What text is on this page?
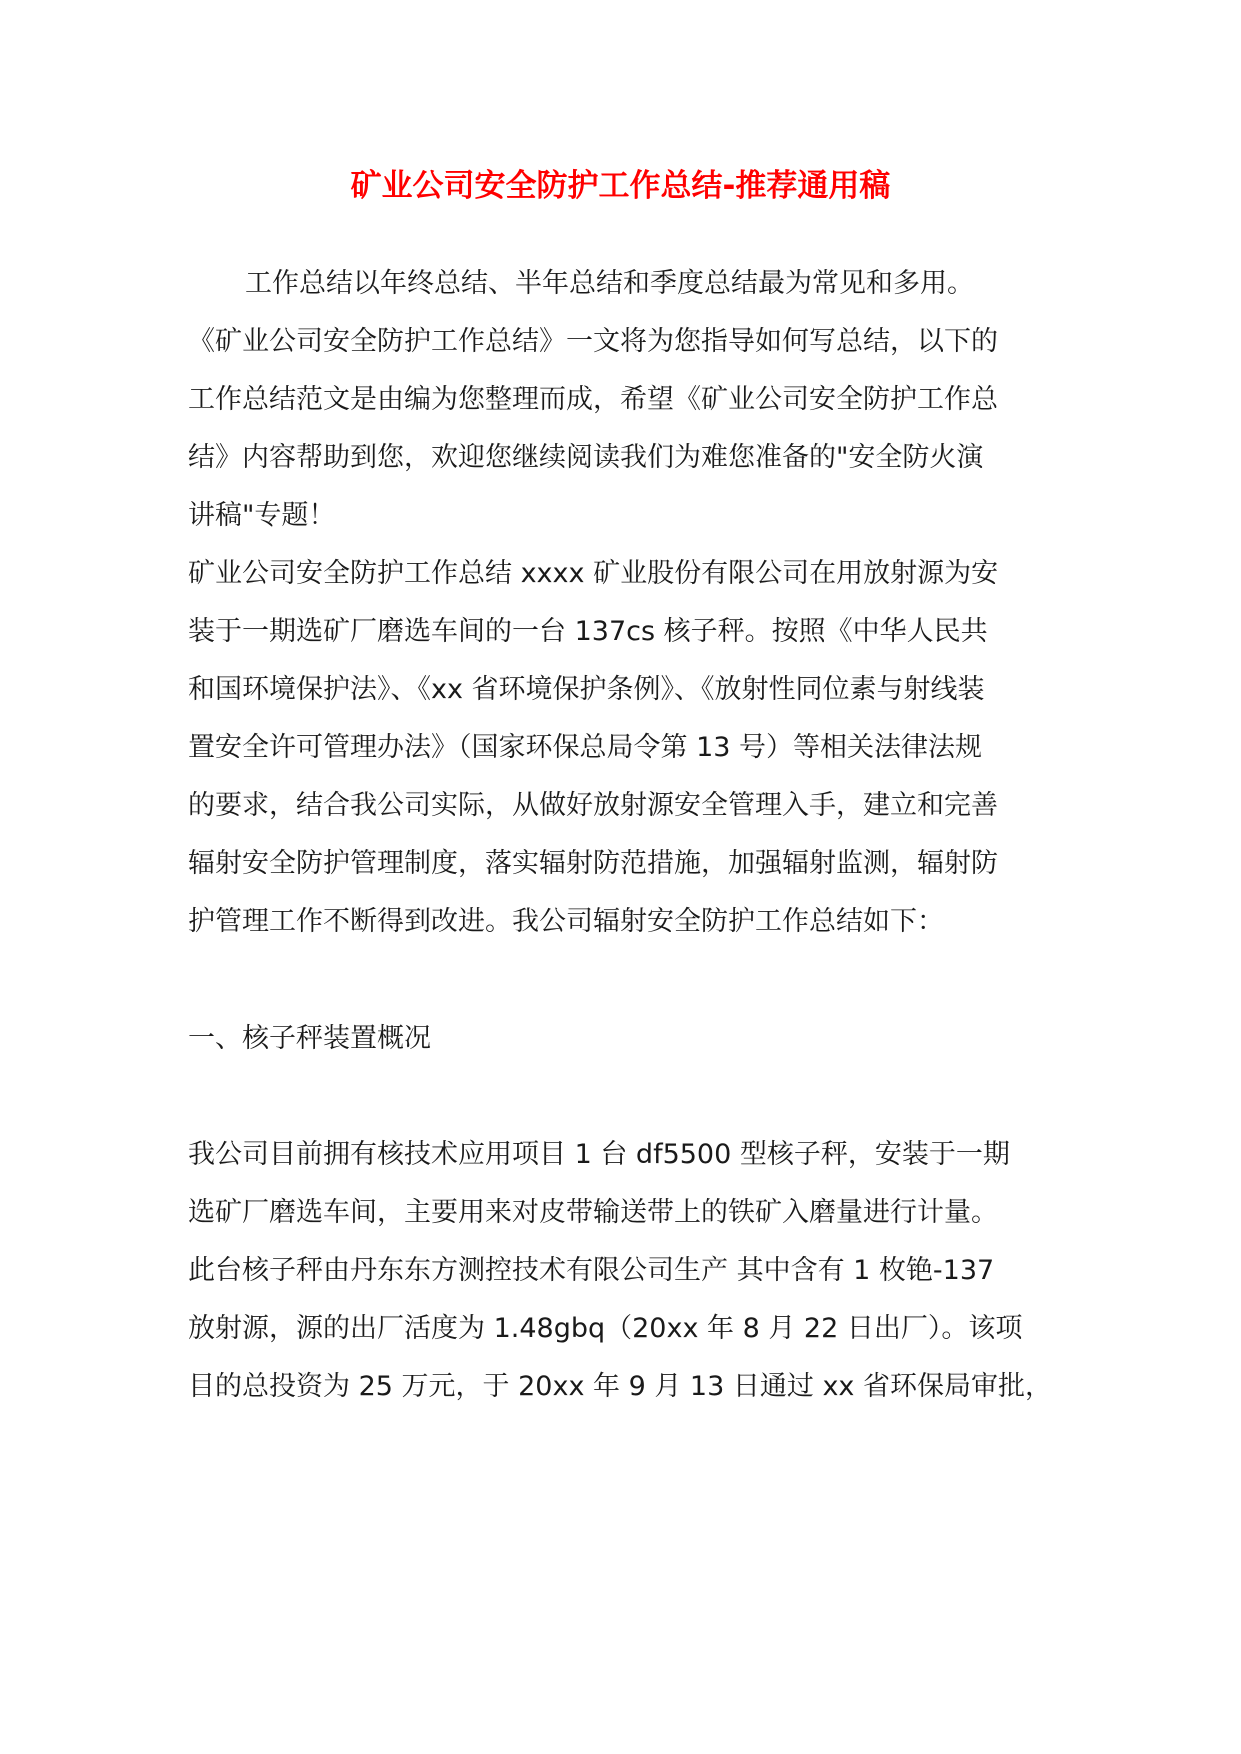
矿业公司安全防护工作总结-推荐通用稿
工作总结以年终总结、半年总结和季度总结最为常见和多用。
《矿业公司安全防护工作总结》一文将为您指导如何写总结，以下的
工作总结范文是由编为您整理而成，希望《矿业公司安全防护工作总
结》内容帮助到您，欢迎您继续阅读我们为难您准备的"安全防火演
讲稿"专题！
矿业公司安全防护工作总结 xxxx 矿业股份有限公司在用放射源为安
装于一期选矿厂磨选车间的一台 137cs 核子秤。按照《中华人民共
和国环境保护法》、《xx 省环境保护条例》、《放射性同位素与射线装
置安全许可管理办法》（国家环保总局令第 13 号）等相关法律法规
的要求，结合我公司实际，从做好放射源安全管理入手，建立和完善
辐射安全防护管理制度，落实辐射防范措施，加强辐射监测，辐射防
护管理工作不断得到改进。我公司辐射安全防护工作总结如下：
一、核子秤装置概况
我公司目前拥有核技术应用项目 1 台 df5500 型核子秤，安装于一期
选矿厂磨选车间，主要用来对皮带输送带上的铁矿入磨量进行计量。
此台核子秤由丹东东方测控技术有限公司生产 其中含有 1 枚铯-137
放射源，源的出厂活度为 1.48gbq（20xx 年 8 月 22 日出厂）。该项
目的总投资为 25 万元，于 20xx 年 9 月 13 日通过 xx 省环保局审批，
